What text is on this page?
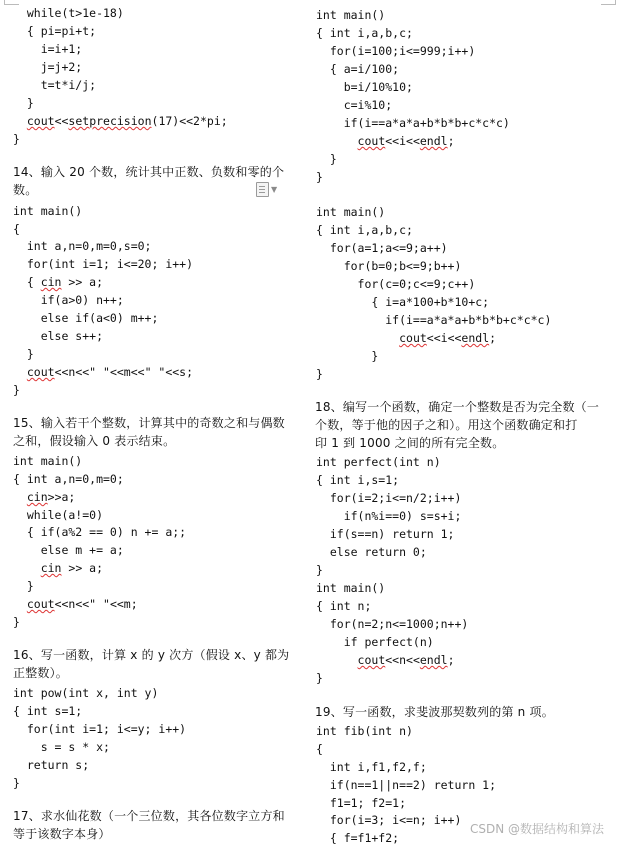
while(t>1e-18)
{ pi=pi+t;
i=i+1;
j=j+2;
t=t*i/j;
}
cout<<setprecision(17)<<2*pi;
}
14、输入 20 个数，统计其中正数、负数和零的个
数。
int main()
{
int a,n=0,m=0,s=0;
for(int i=1; i<=20; i++)
{ cin >> a;
if(a>0) n++;
else if(a<0) m++;
else s++;
}
cout<<n<<" "<<m<<" "<<s;
}
15、输入若干个整数，计算其中的奇数之和与偶数
之和，假设输入 0 表示结束。
int main()
{ int a,n=0,m=0;
cin>>a;
while(a!=0)
{ if(a%2 == 0) n += a;;
else m += a;
cin >> a;
}
cout<<n<<" "<<m;
}
16、写一函数，计算 x 的 y 次方（假设 x、y 都为
正整数）。
int pow(int x, int y)
{ int s=1;
for(int i=1; i<=y; i++)
s = s * x;
return s;
}
17、求水仙花数（一个三位数，其各位数字立方和
等于该数字本身）
int main()
{ int i,a,b,c;
for(i=100;i<=999;i++)
{ a=i/100;
b=i/10%10;
c=i%10;
if(i==a*a*a+b*b*b+c*c*c)
cout<<i<<endl;
}
}
int main()
{ int i,a,b,c;
for(a=1;a<=9;a++)
for(b=0;b<=9;b++)
for(c=0;c<=9;c++)
{ i=a*100+b*10+c;
if(i==a*a*a+b*b*b+c*c*c)
cout<<i<<endl;
}
}
18、编写一个函数，确定一个整数是否为完全数（一
个数，等于他的因子之和）。用这个函数确定和打
印 1 到 1000 之间的所有完全数。
int perfect(int n)
{ int i,s=1;
for(i=2;i<=n/2;i++)
if(n%i==0) s=s+i;
if(s==n) return 1;
else return 0;
}
int main()
{ int n;
for(n=2;n<=1000;n++)
if perfect(n)
cout<<n<<endl;
}
19、写一函数，求斐波那契数列的第 n 项。
int fib(int n)
{
int i,f1,f2,f;
if(n==1||n==2) return 1;
f1=1; f2=1;
for(i=3; i<=n; i++)
{ f=f1+f2;
▼
CSDN @数据结构和算法
